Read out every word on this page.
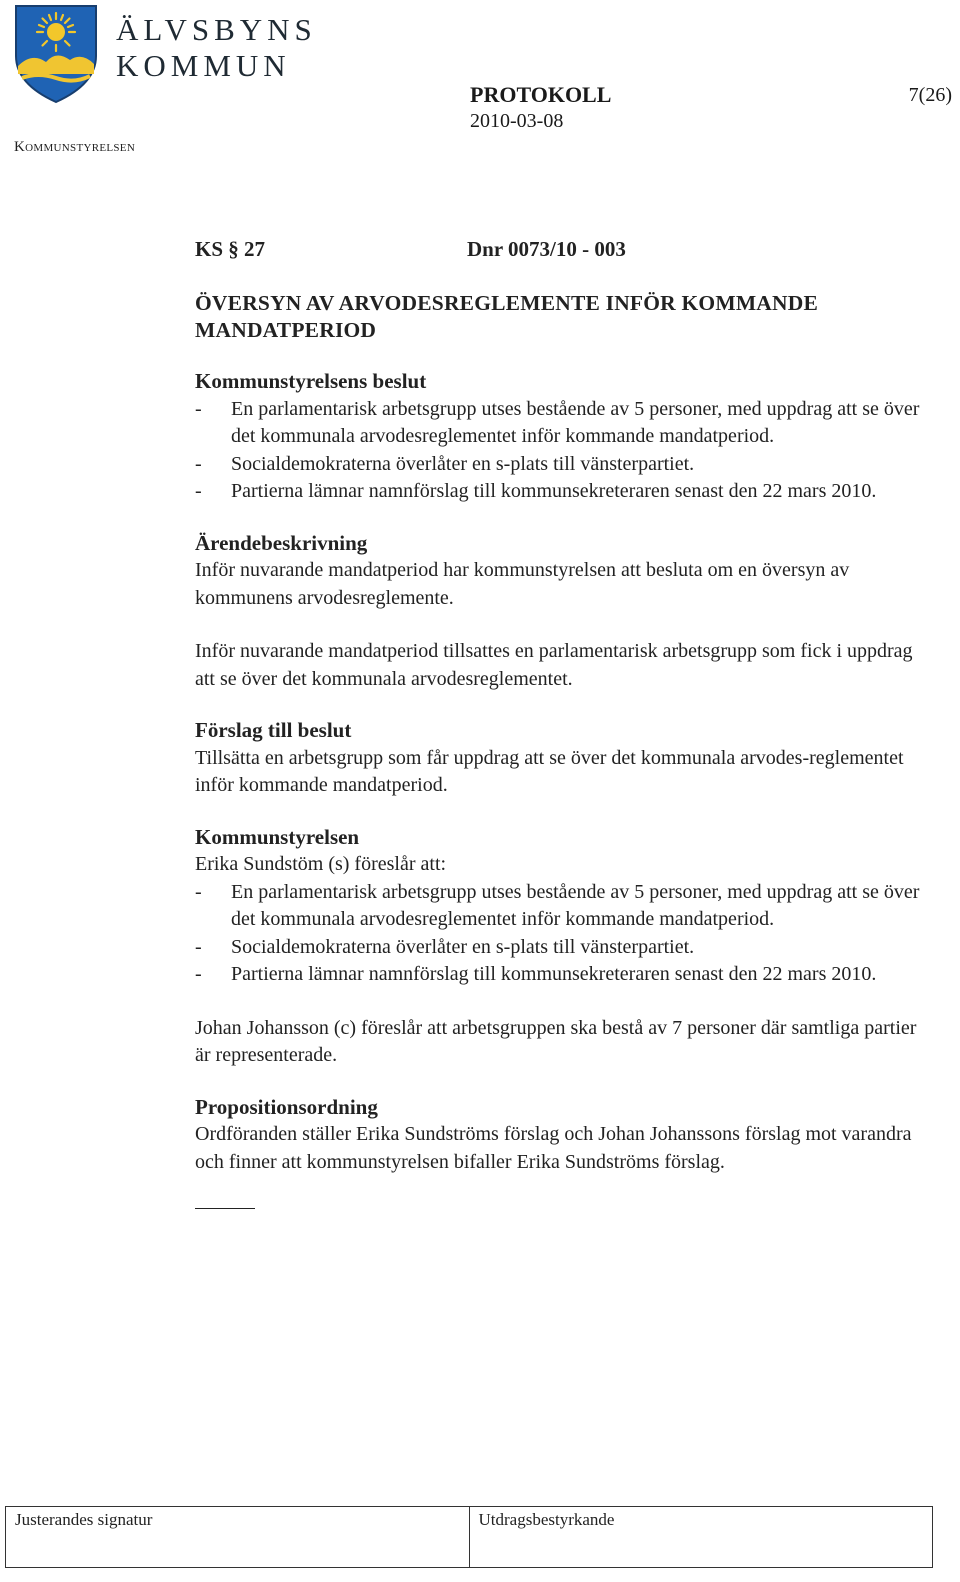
ÄLVSBYNS
KOMMUN
Kommunstyrelsen
PROTOKOLL
2010-03-08
7(26)
KS § 27	Dnr 0073/10 - 003
ÖVERSYN AV ARVODESREGLEMENTE INFÖR KOMMANDE
MANDATPERIOD
Kommunstyrelsens beslut
- En parlamentarisk arbetsgrupp utses bestående av 5 personer, med uppdrag att se över det kommunala arvodesreglementet inför kommande mandatperiod.
- Socialdemokraterna överlåter en s-plats till vänsterpartiet.
- Partierna lämnar namnförslag till kommunsekreteraren senast den 22 mars 2010.
Ärendebeskrivning

Inför nuvarande mandatperiod har kommunstyrelsen att besluta om en översyn av kommunens arvodesreglemente.

Inför nuvarande mandatperiod tillsattes en parlamentarisk arbetsgrupp som fick i uppdrag att se över det kommunala arvodesreglementet.

Förslag till beslut

Tillsätta en arbetsgrupp som får uppdrag att se över det kommunala arvodes-reglementet inför kommande mandatperiod.

Kommunstyrelsen

Erika Sundstöm (s) föreslår att:

- En parlamentarisk arbetsgrupp utses bestående av 5 personer, med uppdrag att se över det kommunala arvodesreglementet inför kommande mandatperiod.
- Socialdemokraterna överlåter en s-plats till vänsterpartiet.
- Partierna lämnar namnförslag till kommunsekreteraren senast den 22 mars 2010.

Johan Johansson (c) föreslår att arbetsgruppen ska bestå av 7 personer där samtliga partier är representerade.

Propositionsordning

Ordföranden ställer Erika Sundströms förslag och Johan Johanssons förslag mot varandra och finner att kommunstyrelsen bifaller Erika Sundströms förslag.

Justerandes signatur	Utdragsbestyrkande
